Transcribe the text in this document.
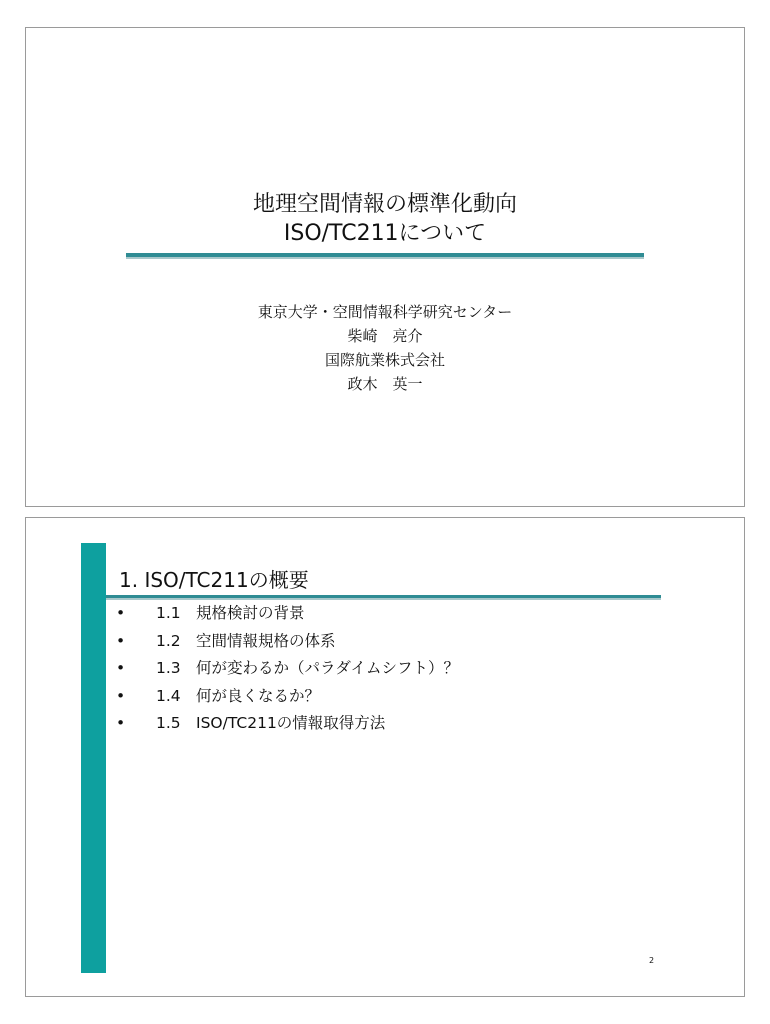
地理空間情報の標準化動向
ISO/TC211について
東京大学・空間情報科学研究センター
柴崎　亮介
国際航業株式会社
政木　英一
1. ISO/TC211の概要
•	1.1 規格検討の背景
•	1.2 空間情報規格の体系
•	1.3 何が変わるか（パラダイムシフト）？
•	1.4 何が良くなるか？
•	1.5 ISO/TC211の情報取得方法
2
